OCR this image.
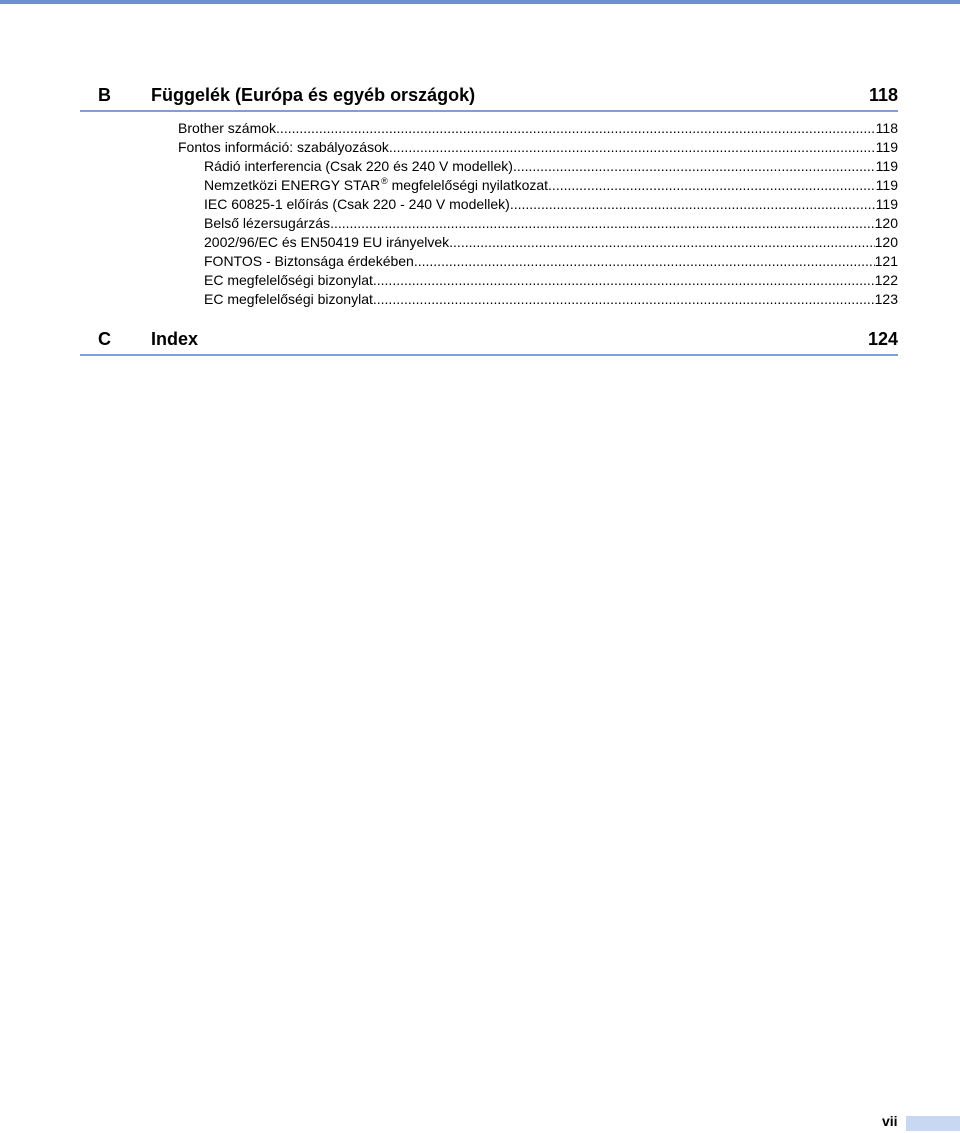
B Függelék (Európa és egyéb országok)	118
Brother számok .....	118
Fontos információ: szabályozások .....	119
Rádió interferencia (Csak 220 és 240 V modellek) .....	119
Nemzetközi ENERGY STAR® megfelelőségi nyilatkozat .....	119
IEC 60825-1 előírás (Csak 220 - 240 V modellek) .....	119
Belső lézersugárzás .....	120
2002/96/EC és EN50419 EU irányelvek .....	120
FONTOS - Biztonsága érdekében .....	121
EC megfelelőségi bizonylat .....	122
EC megfelelőségi bizonylat .....	123
C Index	124
vii
